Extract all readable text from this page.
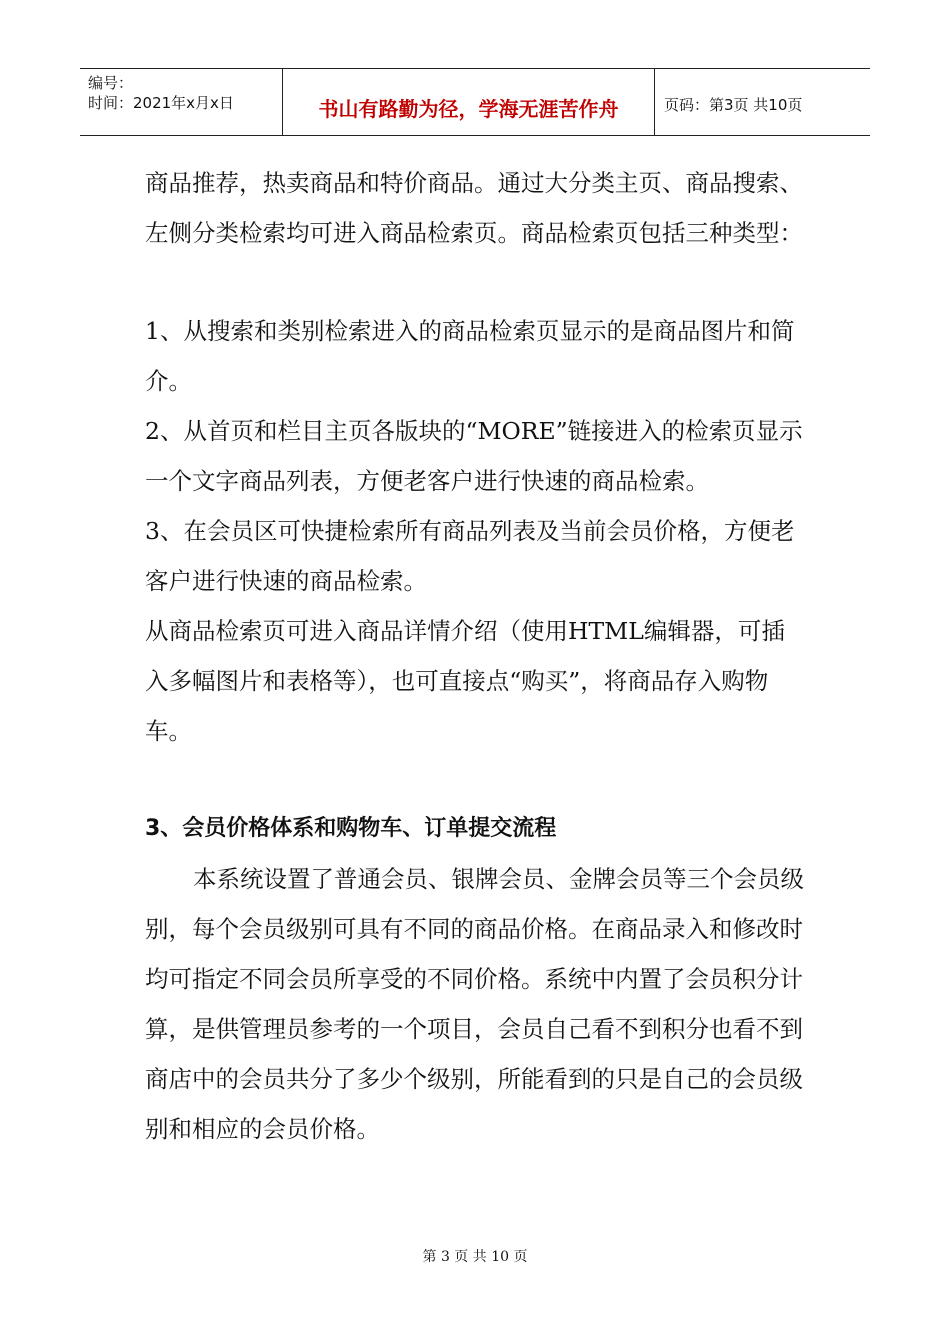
编号：
时间：2021年x月x日	书山有路勤为径，学海无涯苦作舟	页码：第3页 共10页

商品推荐，热卖商品和特价商品。通过大分类主页、商品搜索、左侧分类检索均可进入商品检索页。商品检索页包括三种类型：

1、从搜索和类别检索进入的商品检索页显示的是商品图片和简介。

2、从首页和栏目主页各版块的“MORE”链接进入的检索页显示一个文字商品列表，方便老客户进行快速的商品检索。

3、在会员区可快捷检索所有商品列表及当前会员价格，方便老客户进行快速的商品检索。

从商品检索页可进入商品详情介绍（使用HTML编辑器，可插入多幅图片和表格等），也可直接点“购买”，将商品存入购物车。

3、会员价格体系和购物车、订单提交流程

本系统设置了普通会员、银牌会员、金牌会员等三个会员级别，每个会员级别可具有不同的商品价格。在商品录入和修改时均可指定不同会员所享受的不同价格。系统中内置了会员积分计算，是供管理员参考的一个项目，会员自己看不到积分也看不到商店中的会员共分了多少个级别，所能看到的只是自己的会员级别和相应的会员价格。

第 3 页 共 10 页
